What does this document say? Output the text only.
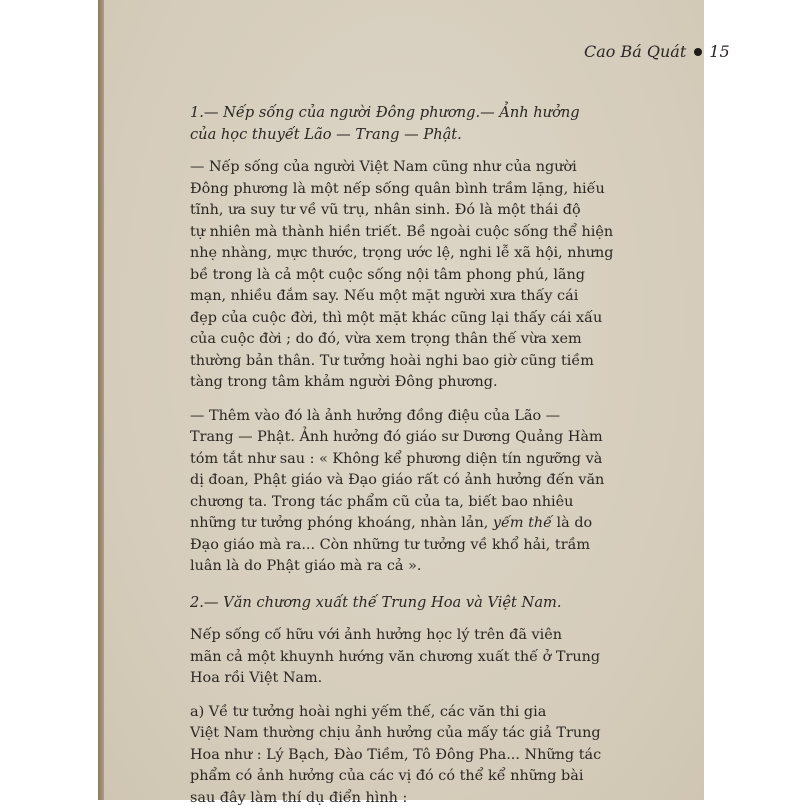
Cao Bá Quát 15

1.— Nếp sống của người Đông phương.— Ảnh hưởng
của học thuyết Lão — Trang — Phật.

— Nếp sống của người Việt Nam cũng như của người
Đông phương là một nếp sống quân bình trầm lặng, hiếu
tĩnh, ưa suy tư về vũ trụ, nhân sinh. Đó là một thái độ
tự nhiên mà thành hiền triết. Bề ngoài cuộc sống thể hiện
nhẹ nhàng, mực thước, trọng ước lệ, nghi lễ xã hội, nhưng
bề trong là cả một cuộc sống nội tâm phong phú, lãng
mạn, nhiều đắm say. Nếu một mặt người xưa thấy cái
đẹp của cuộc đời, thì một mặt khác cũng lại thấy cái xấu
của cuộc đời ; do đó, vừa xem trọng thân thế vừa xem
thường bản thân. Tư tưởng hoài nghi bao giờ cũng tiềm
tàng trong tâm khảm người Đông phương.

— Thêm vào đó là ảnh hưởng đồng điệu của Lão —
Trang — Phật. Ảnh hưởng đó giáo sư Dương Quảng Hàm
tóm tắt như sau : « Không kể phương diện tín ngưỡng và
dị đoan, Phật giáo và Đạo giáo rất có ảnh hưởng đến văn
chương ta. Trong tác phẩm cũ của ta, biết bao nhiêu
những tư tưởng phóng khoáng, nhàn lản, yếm thế là do
Đạo giáo mà ra... Còn những tư tưởng về khổ hải, trầm
luân là do Phật giáo mà ra cả ».

2.— Văn chương xuất thế Trung Hoa và Việt Nam.

Nếp sống cố hữu với ảnh hưởng học lý trên đã viên
mãn cả một khuynh hướng văn chương xuất thế ở Trung
Hoa rồi Việt Nam.

a) Về tư tưởng hoài nghi yếm thế, các văn thi gia
Việt Nam thường chịu ảnh hưởng của mấy tác giả Trung
Hoa như : Lý Bạch, Đào Tiềm, Tô Đông Pha... Những tác
phẩm có ảnh hưởng của các vị đó có thể kể những bài
sau đây làm thí dụ điển hình :
